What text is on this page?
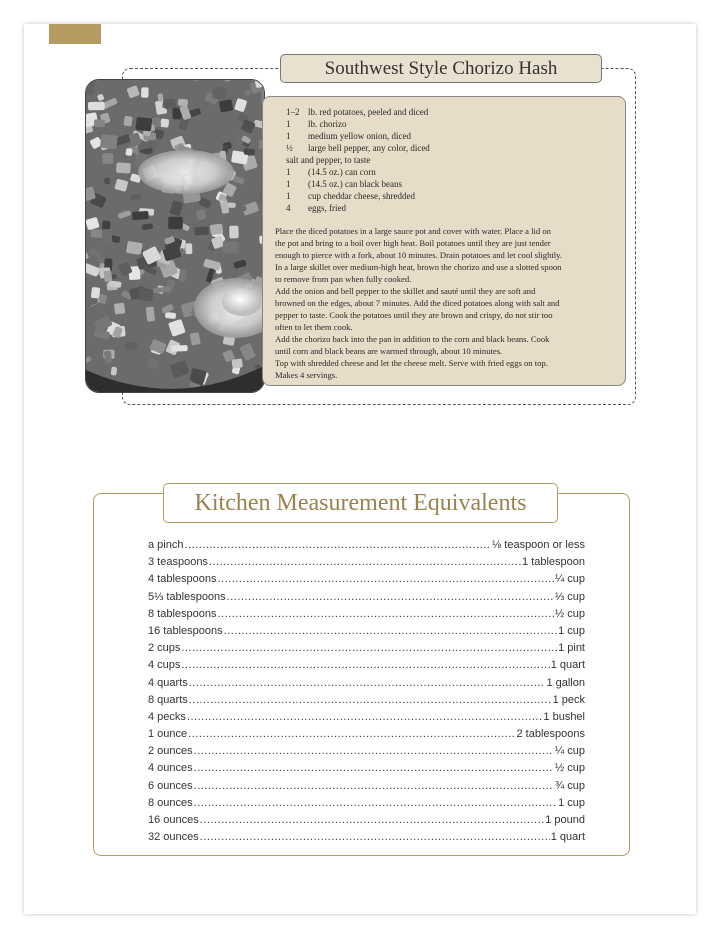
Southwest Style Chorizo Hash
1–2 lb. red potatoes, peeled and diced
1	lb. chorizo
1	medium yellow onion, diced
½	large bell pepper, any color, diced
salt and pepper, to taste
1	(14.5 oz.) can corn
1	(14.5 oz.) can black beans
1	cup cheddar cheese, shredded
4	eggs, fried
Place the diced potatoes in a large sauce pot and cover with water. Place a lid on
the pot and bring to a boil over high heat. Boil potatoes until they are just tender
enough to pierce with a fork, about 10 minutes. Drain potatoes and let cool slightly.
In a large skillet over medium-high heat, brown the chorizo and use a slotted spoon
to remove from pan when fully cooked.
Add the onion and bell pepper to the skillet and sauté until they are soft and
browned on the edges, about 7 minutes. Add the diced potatoes along with salt and
pepper to taste. Cook the potatoes until they are brown and crispy, do not stir too
often to let them cook.
Add the chorizo back into the pan in addition to the corn and black beans. Cook
until corn and black beans are warmed through, about 10 minutes.
Top with shredded cheese and let the cheese melt. Serve with fried eggs on top.
Makes 4 servings.
Kitchen Measurement Equivalents
a pinch .....	⅛ teaspoon or less
3 teaspoons .....	1 tablespoon
4 tablespoons .....	¼ cup
5⅓ tablespoons .....	⅓ cup
8 tablespoons .....	½ cup
16 tablespoons .....	1 cup
2 cups .....	1 pint
4 cups .....	1 quart
4 quarts .....	1 gallon
8 quarts .....	1 peck
4 pecks .....	1 bushel
1 ounce .....	2 tablespoons
2 ounces .....	¼ cup
4 ounces .....	½ cup
6 ounces .....	¾ cup
8 ounces .....	1 cup
16 ounces .....	1 pound
32 ounces .....	1 quart
